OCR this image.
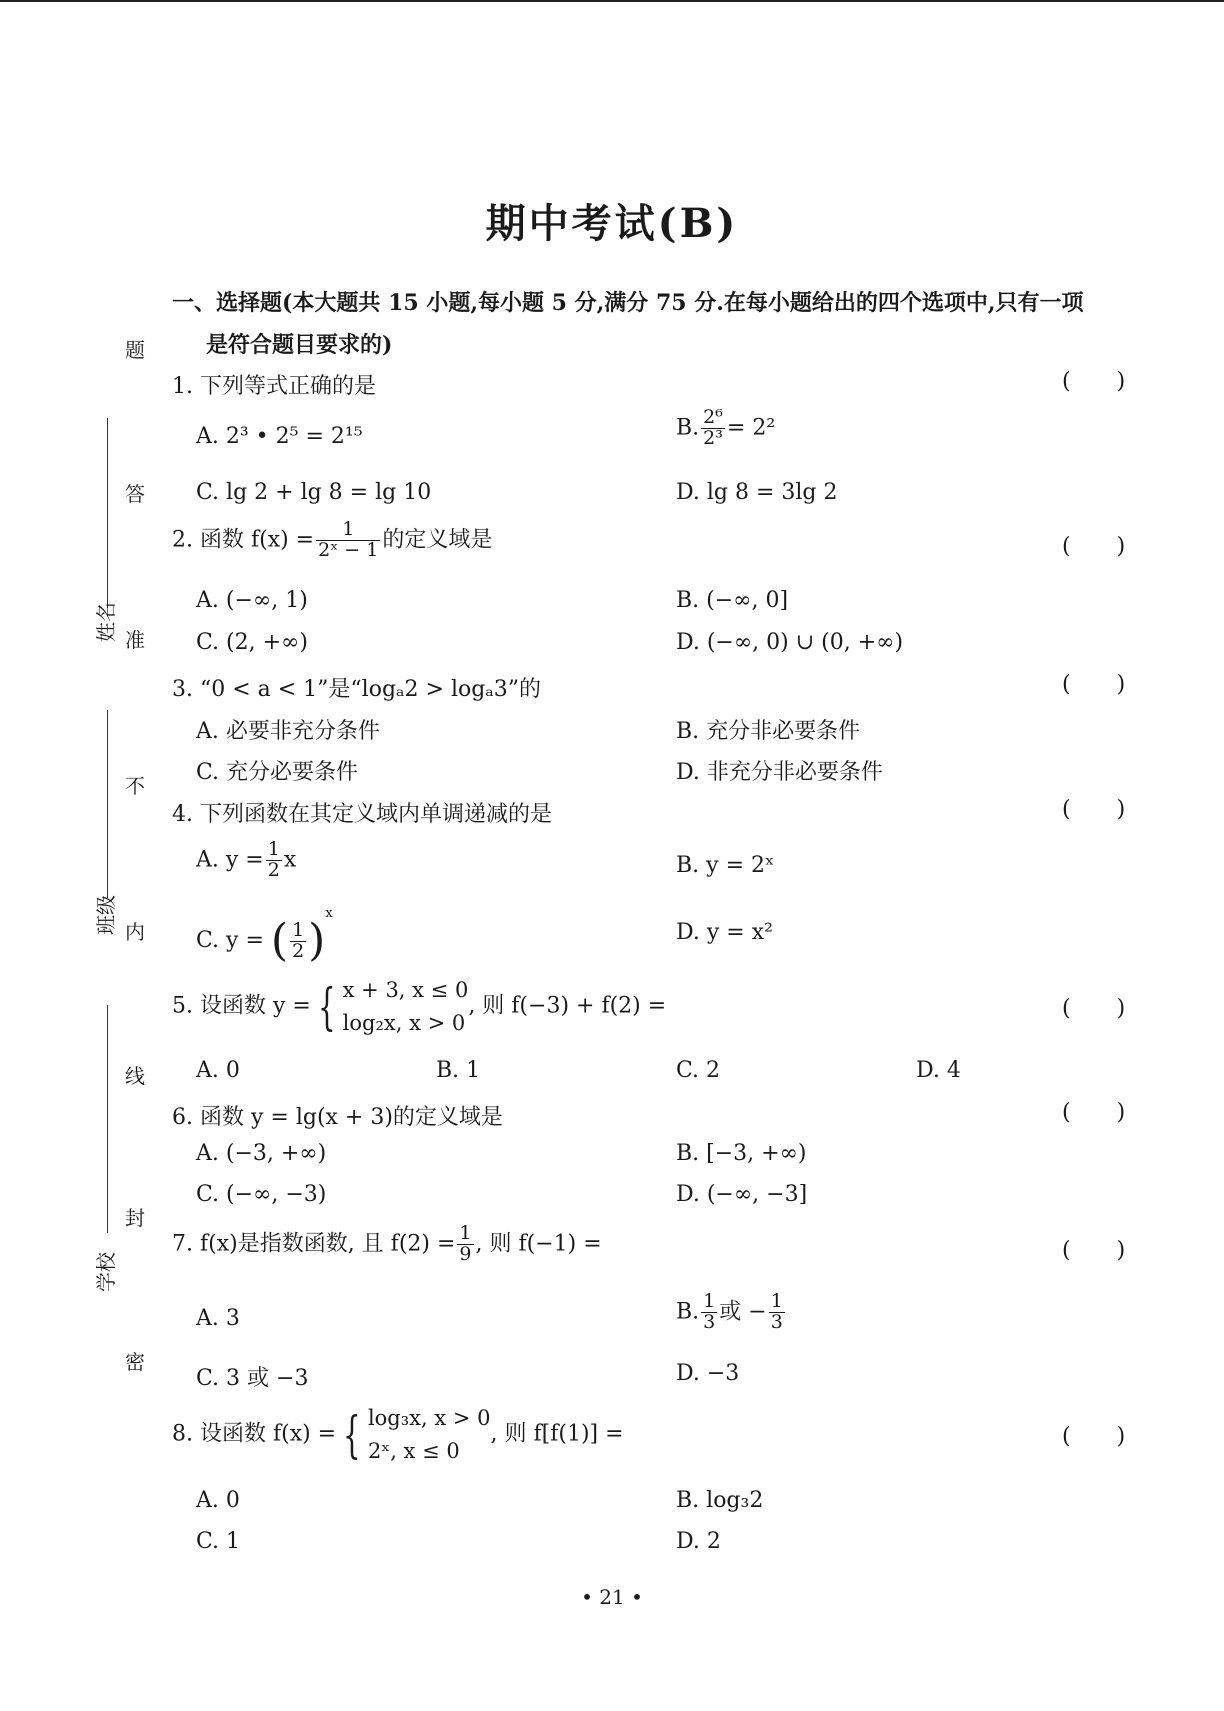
题
答
准
不
内
线
封
密
姓名
班级
学校
期中考试(B)
一、选择题(本大题共 15 小题,每小题 5 分,满分 75 分.在每小题给出的四个选项中,只有一项
是符合题目要求的)
1. 下列等式正确的是	( )
A. 2³ • 2⁵ = 2¹⁵	B. $\frac{\text{2⁶}}{\text{2³}} = 2^2$
C. lg 2 + lg 8 = lg 10	D. lg 8 = 3lg 2
2. 函数 $f(x) = \frac{1}{\text{2ˣ − 1}}$ 的定义域是	( )
A. (−∞, 1)	B. (−∞, 0]
C. (2, +∞)	D. (−∞, 0) ∪ (0, +∞)
3. “0 < a < 1”是“logₐ2 > logₐ3”的	( )
A. 必要非充分条件	B. 充分非必要条件
C. 充分必要条件	D. 非充分非必要条件
4. 下列函数在其定义域内单调递减的是	( )
A. $y = \frac{1}{2}$ x	B. y = 2ˣ
C. y = ( $\frac{1}{2} )^x$
D. y = x²
5. 设函数 y = { x + 3, x ≤ 0
log₂x, x > 0
, 则 f(−3) + f(2) =	( )
A. 0	B. 1	C. 2	D. 4
6. 函数 y = lg(x + 3)的定义域是	( )
A. (−3, +∞)	B. [−3, +∞)
C. (−∞, −3)	D. (−∞, −3]
7. f(x)是指数函数, 且 $f(2) = \frac{1}{9}$ , 则 f(−1) =	( )
A. 3	B. $\frac{1}{3}$ 或 − $\frac{1}{3}$
C. 3 或 −3	D. −3
8. 设函数 f(x) = { log₃x, x > 0
2ˣ, x ≤ 0
, 则 f[f(1)] =	( )
A. 0	B. log₃2
C. 1	D. 2
• 21 •
